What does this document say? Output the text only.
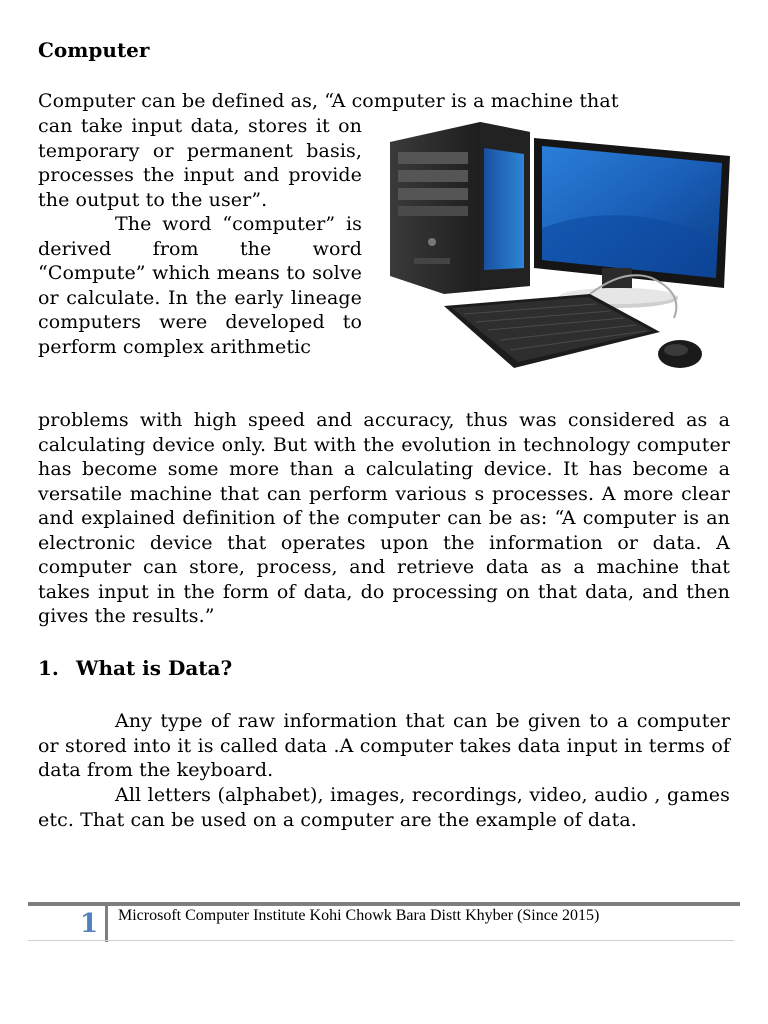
Computer

Computer can be defined as, “A computer is a machine that

can take input data, stores it on temporary or permanent basis, processes the input and provide the output to the user”.

The word “computer” is derived from the word “Compute” which means to solve or calculate. In the early lineage computers were developed to perform complex arithmetic

problems with high speed and accuracy, thus was considered as a calculating device only. But with the evolution in technology computer has become some more than a calculating device. It has become a versatile machine that can perform various s processes. A more clear and explained definition of the computer can be as: “A computer is an electronic device that operates upon the information or data. A computer can store, process, and retrieve data as a machine that takes input in the form of data, do processing on that data, and then gives the results.”

1. What is Data?

Any type of raw information that can be given to a computer or stored into it is called data .A computer takes data input in terms of data from the keyboard.

All letters (alphabet), images, recordings, video, audio , games etc. That can be used on a computer are the example of data.

1 Microsoft Computer Institute Kohi Chowk Bara Distt Khyber (Since 2015)
